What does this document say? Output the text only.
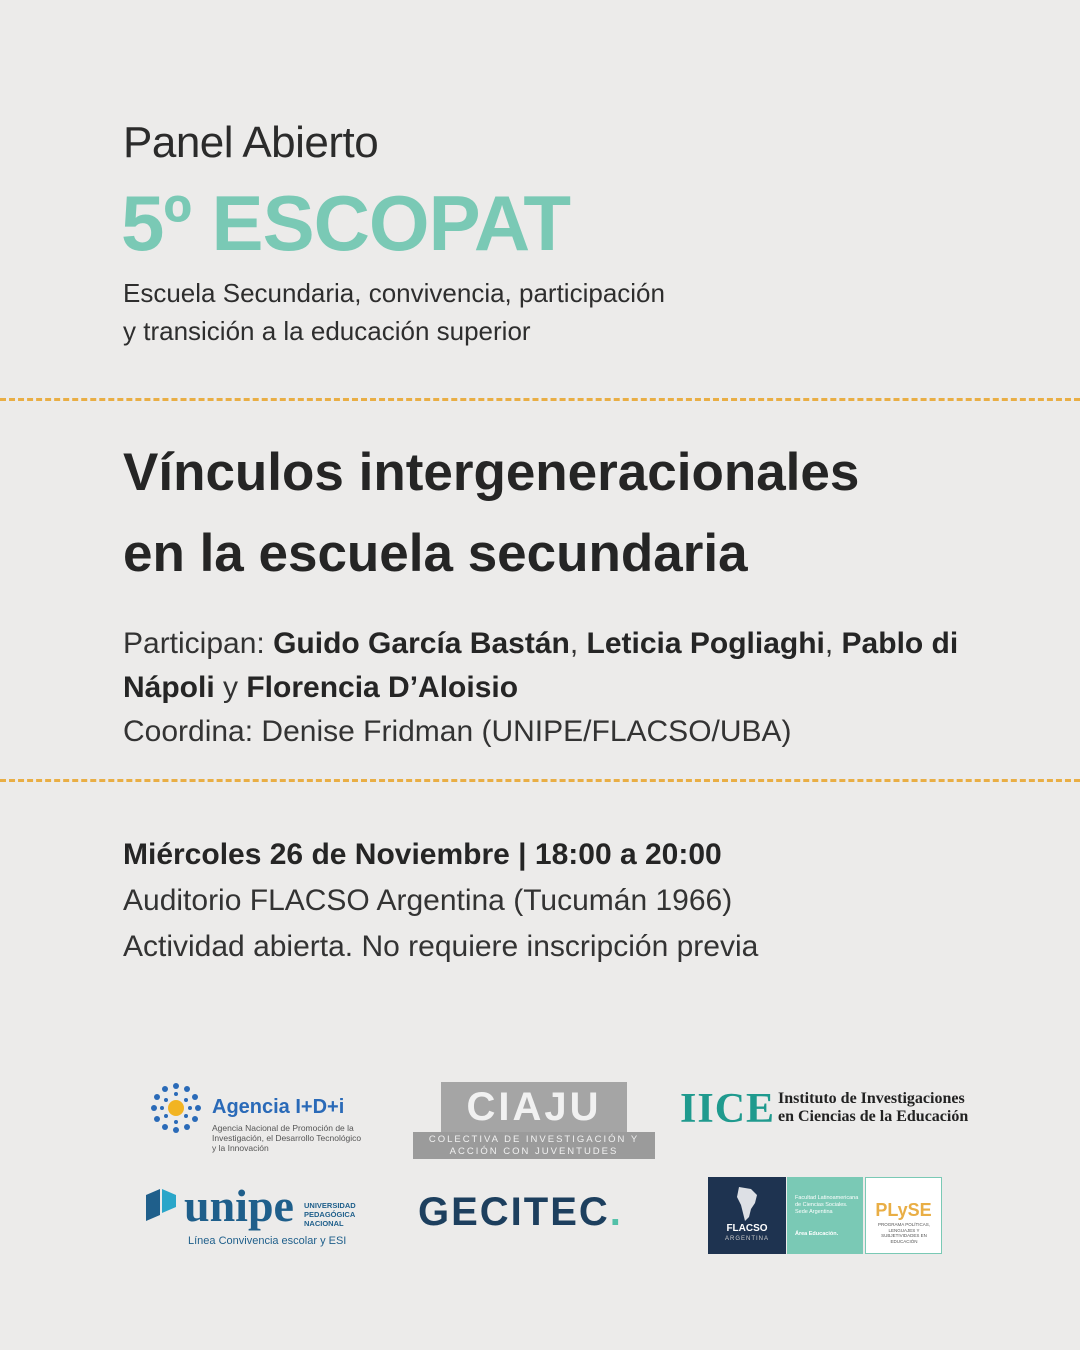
Panel Abierto
5º ESCOPAT
Escuela Secundaria, convivencia, participación
y transición a la educación superior
Vínculos intergeneracionales
en la escuela secundaria
Participan: Guido García Bastán, Leticia Pogliaghi, Pablo di Nápoli y Florencia D’Aloisio
Coordina: Denise Fridman (UNIPE/FLACSO/UBA)
Miércoles 26 de Noviembre | 18:00 a 20:00
Auditorio FLACSO Argentina (Tucumán 1966)
Actividad abierta. No requiere inscripción previa
Agencia I+D+i
Agencia Nacional de Promoción de la Investigación, el Desarrollo Tecnológico y la Innovación
CIAJU
COLECTIVA DE INVESTIGACIÓN Y ACCIÓN CON JUVENTUDES
IICE Instituto de Investigaciones
en Ciencias de la Educación
unipe UNIVERSIDAD PEDAGÓGICA NACIONAL
Línea Convivencia escolar y ESI
GECITEC.	FLACSO
ARGENTINA
Facultad Latinoamericana de Ciencias Sociales. Sede Argentina
Área Educación.
PLySE
PROGRAMA POLÍTICAS, LENGUAJES Y SUBJETIVIDADES EN EDUCACIÓN
